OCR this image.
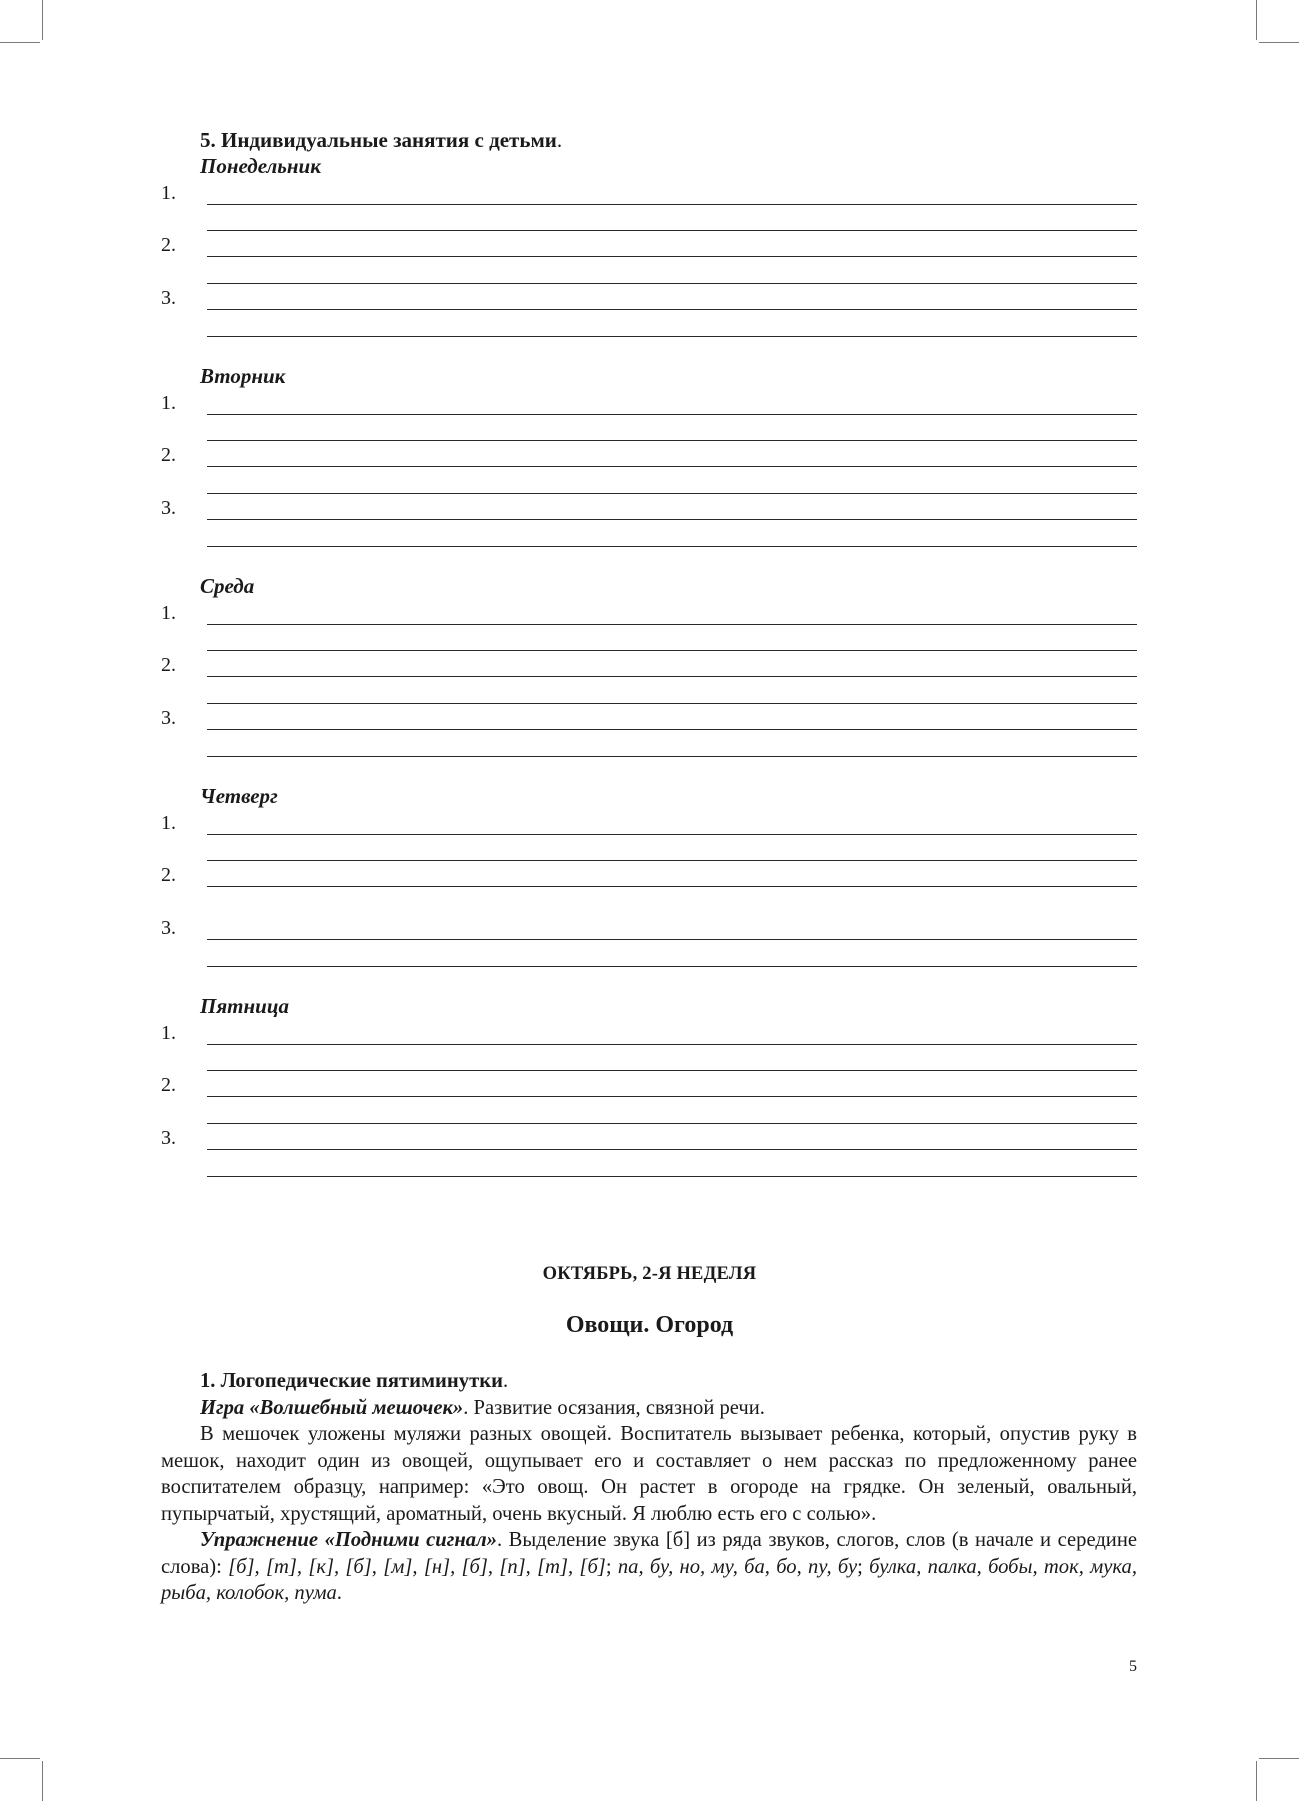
5. Индивидуальные занятия с детьми.
Понедельник
1.
2.
3.
Вторник
1.
2.
3.
Среда
1.
2.
3.
Четверг
1.
2.
3.
Пятница
1.
2.
3.
ОКТЯБРЬ, 2-Я НЕДЕЛЯ
Овощи. Огород

1. Логопедические пятиминутки.

Игра «Волшебный мешочек». Развитие осязания, связной речи.

В мешочек уложены муляжи разных овощей. Воспитатель вызывает ребенка, который, опустив руку в мешок, находит один из овощей, ощупывает его и составляет о нем рассказ по предложенному ранее воспитателем образцу, например: «Это овощ. Он растет в огороде на грядке. Он зеленый, овальный, пупырчатый, хрустящий, ароматный, очень вкусный. Я люблю есть его с солью».

Упражнение «Подними сигнал». Выделение звука [б] из ряда звуков, слогов, слов (в начале и середине слова): [б], [т], [к], [б], [м], [н], [б], [п], [т], [б]; па, бу, но, му, ба, бо, пу, бу; булка, палка, бобы, ток, мука, рыба, колобок, пума.

5
